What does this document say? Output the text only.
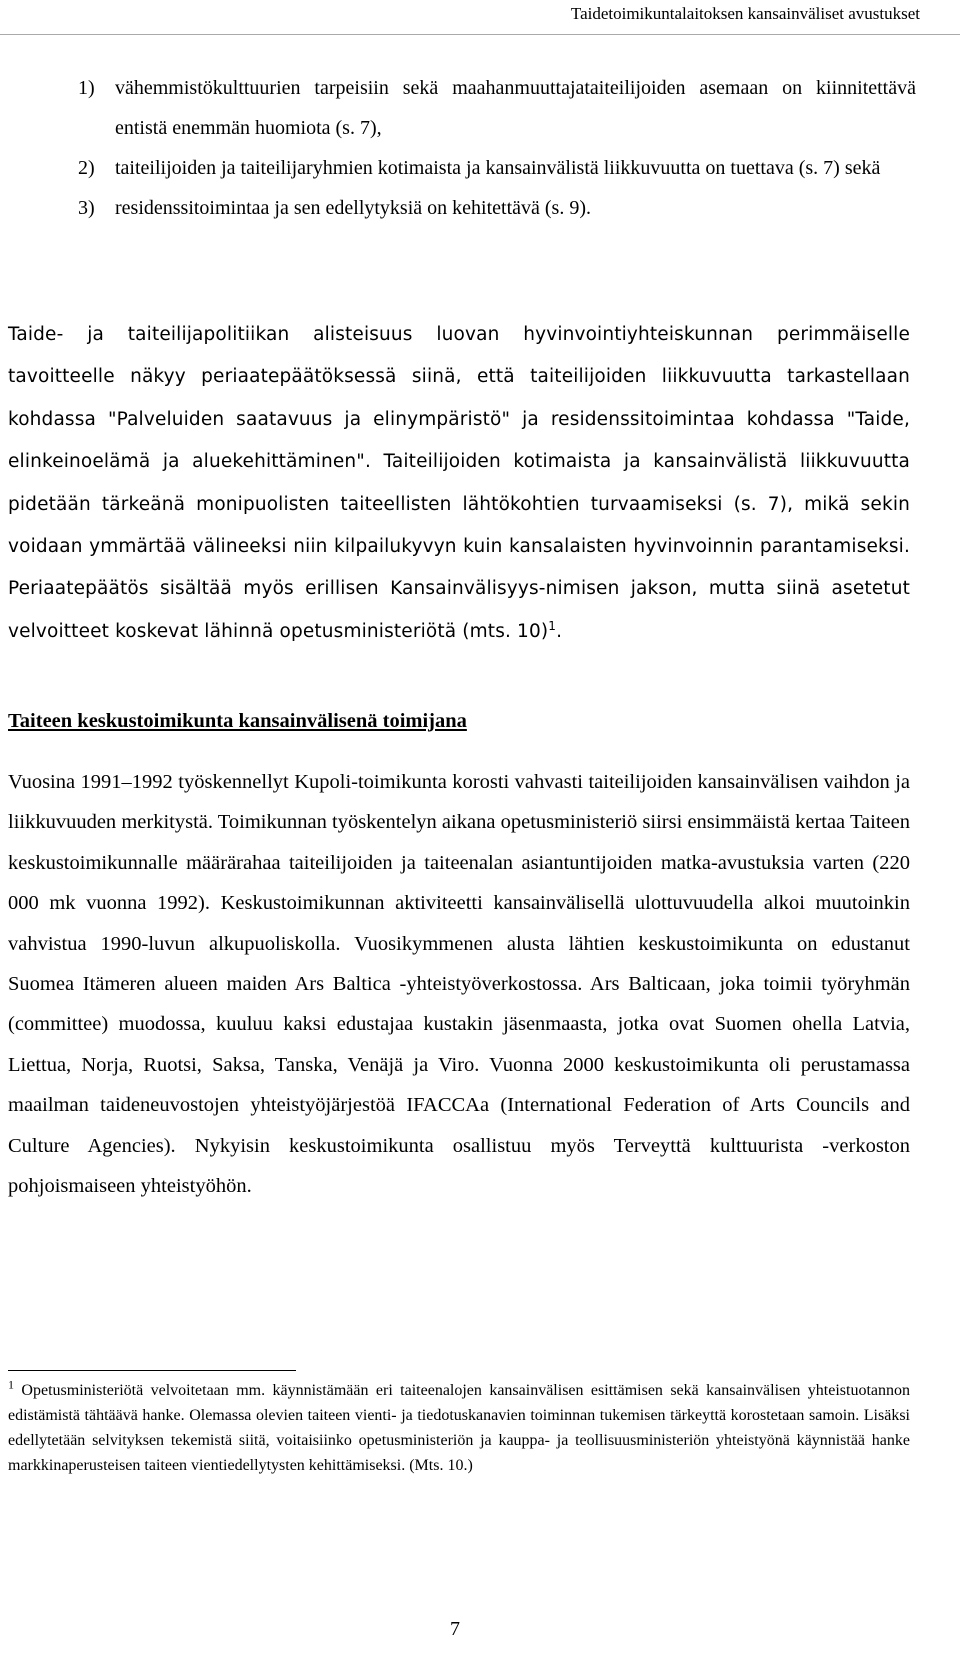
Taidetoimikuntalaitoksen kansainväliset avustukset
1)	vähemmistökulttuurien tarpeisiin sekä maahanmuuttajataiteilijoiden asemaan on kiinnitettävä entistä enemmän huomiota (s. 7),
2)	taiteilijoiden ja taiteilijaryhmien kotimaista ja kansainvälistä liikkuvuutta on tuettava (s. 7) sekä
3)	residenssitoimintaa ja sen edellytyksiä on kehitettävä (s. 9).

Taide- ja taiteilijapolitiikan alisteisuus luovan hyvinvointiyhteiskunnan perimmäiselle tavoitteelle näkyy periaatepäätöksessä siinä, että taiteilijoiden liikkuvuutta tarkastellaan kohdassa "Palveluiden saatavuus ja elinympäristö" ja residenssitoimintaa kohdassa "Taide, elinkeinoelämä ja aluekehittäminen". Taiteilijoiden kotimaista ja kansainvälistä liikkuvuutta pidetään tärkeänä monipuolisten taiteellisten lähtökohtien turvaamiseksi (s. 7), mikä sekin voidaan ymmärtää välineeksi niin kilpailukyvyn kuin kansalaisten hyvinvoinnin parantamiseksi. Periaatepäätös sisältää myös erillisen Kansainvälisyys-nimisen jakson, mutta siinä asetetut velvoitteet koskevat lähinnä opetusministeriötä (mts. 10)$^1$.

Taiteen keskustoimikunta kansainvälisenä toimijana

Vuosina 1991–1992 työskennellyt Kupoli-toimikunta korosti vahvasti taiteilijoiden kansainvälisen vaihdon ja liikkuvuuden merkitystä. Toimikunnan työskentelyn aikana opetusministeriö siirsi ensimmäistä kertaa Taiteen keskustoimikunnalle määrärahaa taiteilijoiden ja taiteenalan asiantuntijoiden matka-avustuksia varten (220 000 mk vuonna 1992). Keskustoimikunnan aktiviteetti kansainvälisellä ulottuvuudella alkoi muutoinkin vahvistua 1990-luvun alkupuoliskolla. Vuosikymmenen alusta lähtien keskustoimikunta on edustanut Suomea Itämeren alueen maiden Ars Baltica -yhteistyöverkostossa. Ars Balticaan, joka toimii työryhmän (committee) muodossa, kuuluu kaksi edustajaa kustakin jäsenmaasta, jotka ovat Suomen ohella Latvia, Liettua, Norja, Ruotsi, Saksa, Tanska, Venäjä ja Viro. Vuonna 2000 keskustoimikunta oli perustamassa maailman taideneuvostojen yhteistyöjärjestöä IFACCAa (International Federation of Arts Councils and Culture Agencies). Nykyisin keskustoimikunta osallistuu myös Terveyttä kulttuurista -verkoston pohjoismaiseen yhteistyöhön.

$^1$ Opetusministeriötä velvoitetaan mm. käynnistämään eri taiteenalojen kansainvälisen esittämisen sekä kansainvälisen yhteistuotannon edistämistä tähtäävä hanke. Olemassa olevien taiteen vienti- ja tiedotuskanavien toiminnan tukemisen tärkeyttä korostetaan samoin. Lisäksi edellytetään selvityksen tekemistä siitä, voitaisiinko opetusministeriön ja kauppa- ja teollisuusministeriön yhteistyönä käynnistää hanke markkinaperusteisen taiteen vientiedellytysten kehittämiseksi. (Mts. 10.)

7
